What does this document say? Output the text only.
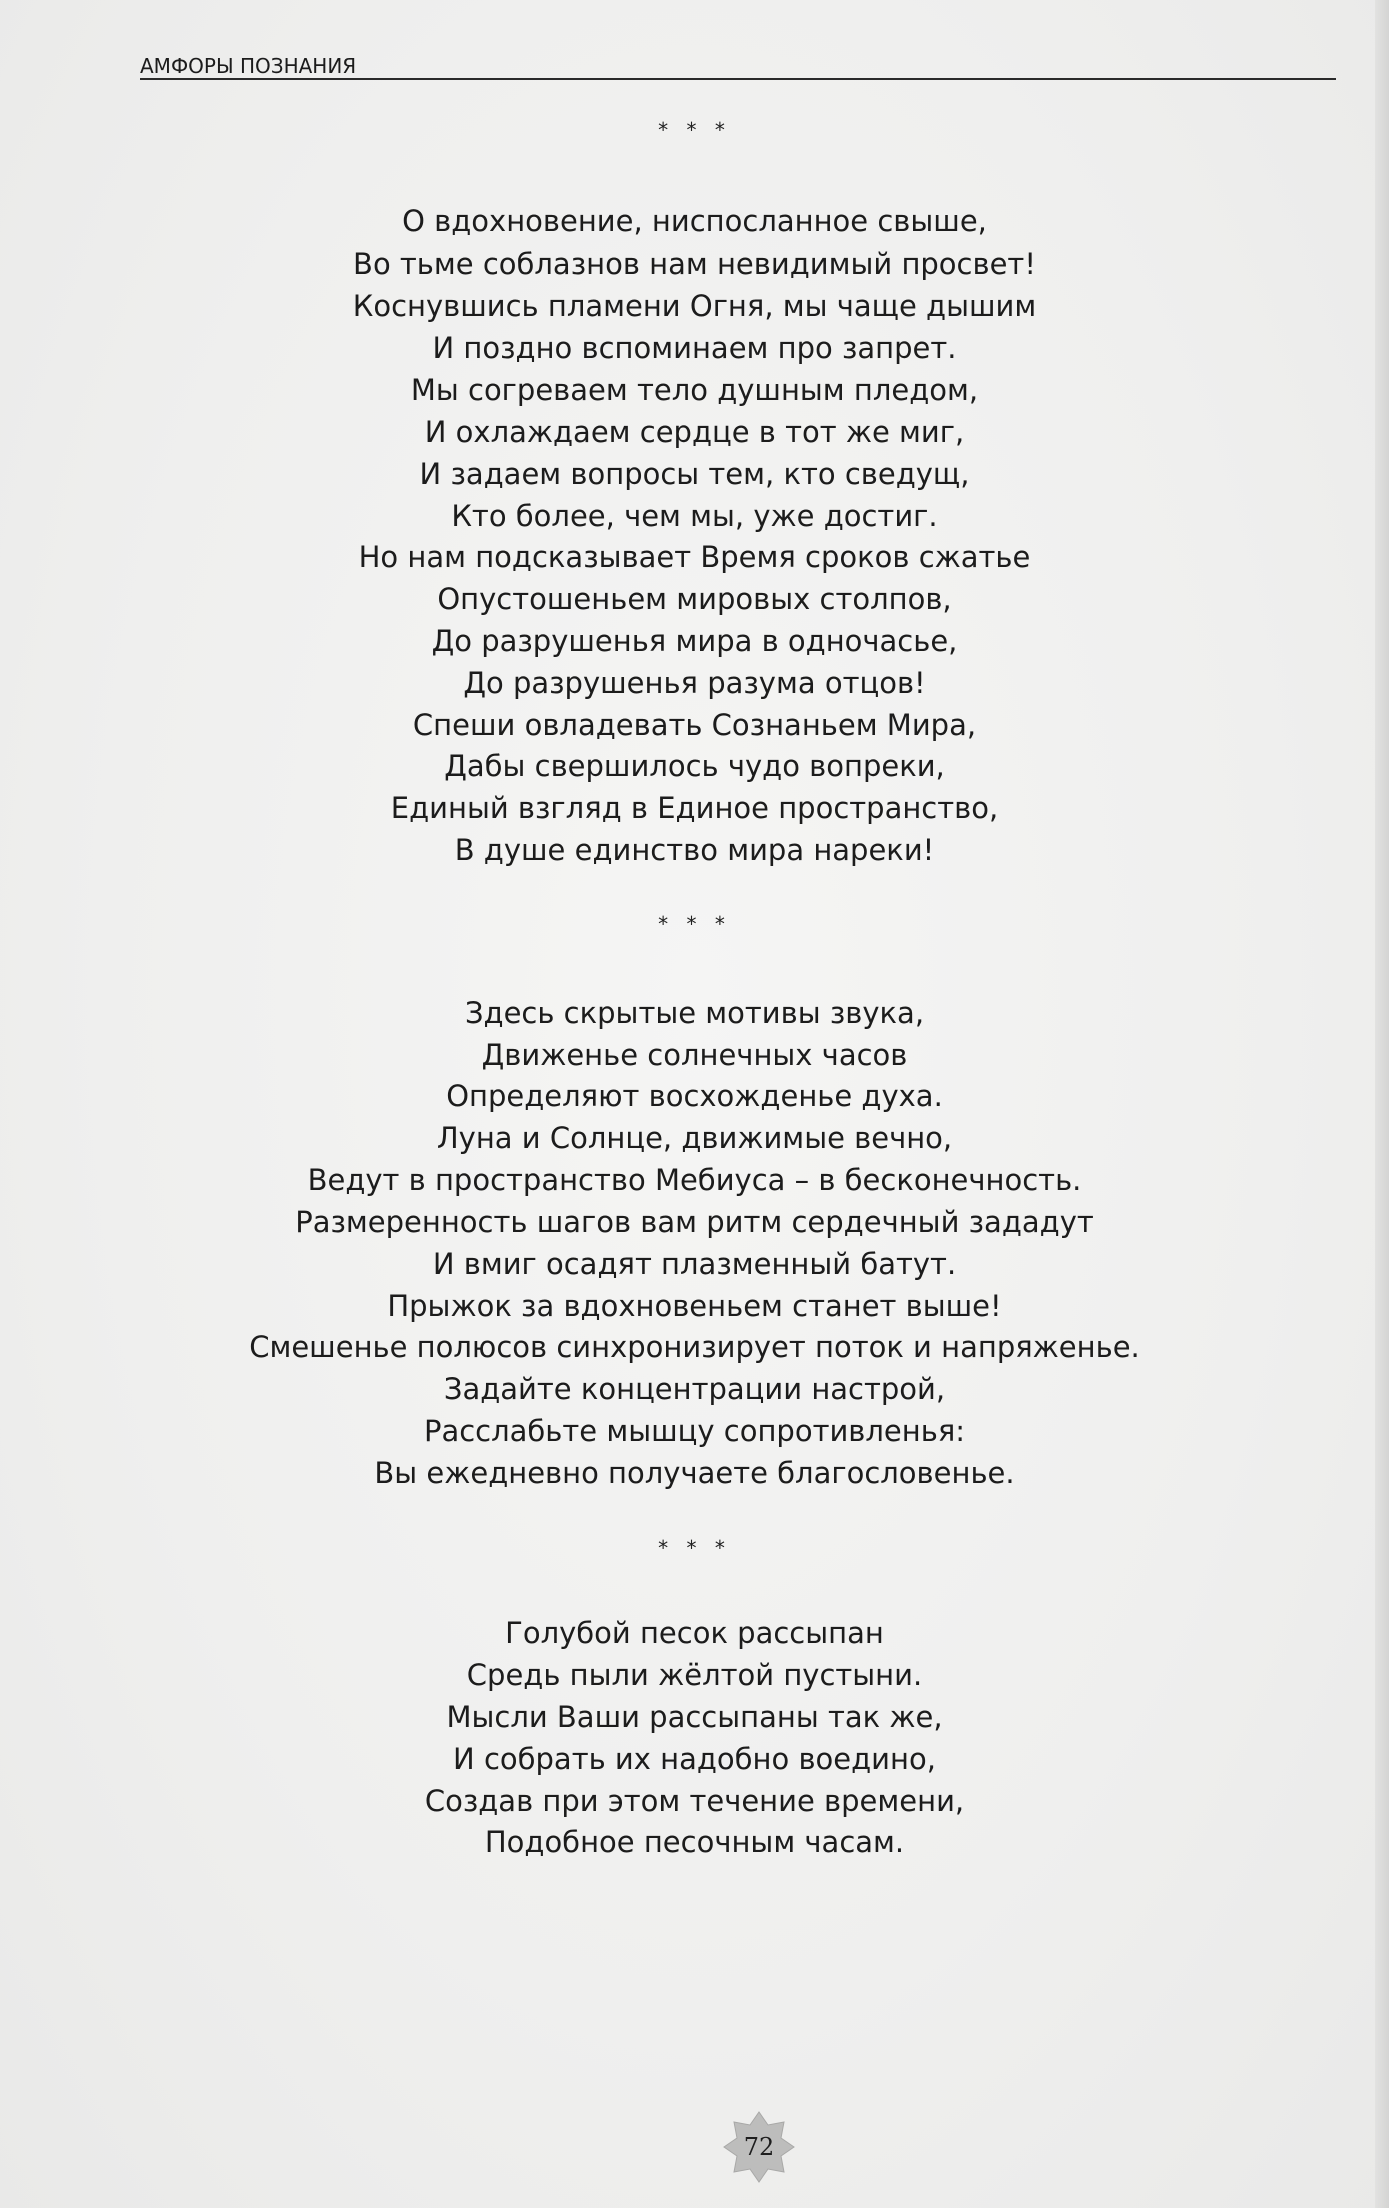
АМФОРЫ ПОЗНАНИЯ
* * *
О вдохновение, ниспосланное свыше,
Во тьме соблазнов нам невидимый просвет!
Коснувшись пламени Огня, мы чаще дышим
И поздно вспоминаем про запрет.
Мы согреваем тело душным пледом,
И охлаждаем сердце в тот же миг,
И задаем вопросы тем, кто сведущ,
Кто более, чем мы, уже достиг.
Но нам подсказывает Время сроков сжатье
Опустошеньем мировых столпов,
До разрушенья мира в одночасье,
До разрушенья разума отцов!
Спеши овладевать Сознаньем Мира,
Дабы свершилось чудо вопреки,
Единый взгляд в Единое пространство,
В душе единство мира нареки!
* * *
Здесь скрытые мотивы звука,
Движенье солнечных часов
Определяют восхожденье духа.
Луна и Солнце, движимые вечно,
Ведут в пространство Мебиуса – в бесконечность.
Размеренность шагов вам ритм сердечный зададут
И вмиг осадят плазменный батут.
Прыжок за вдохновеньем станет выше!
Смешенье полюсов синхронизирует поток и напряженье.
Задайте концентрации настрой,
Расслабьте мышцу сопротивленья:
Вы ежедневно получаете благословенье.
* * *
Голубой песок рассыпан
Средь пыли жёлтой пустыни.
Мысли Ваши рассыпаны так же,
И собрать их надобно воедино,
Создав при этом течение времени,
Подобное песочным часам.
72
